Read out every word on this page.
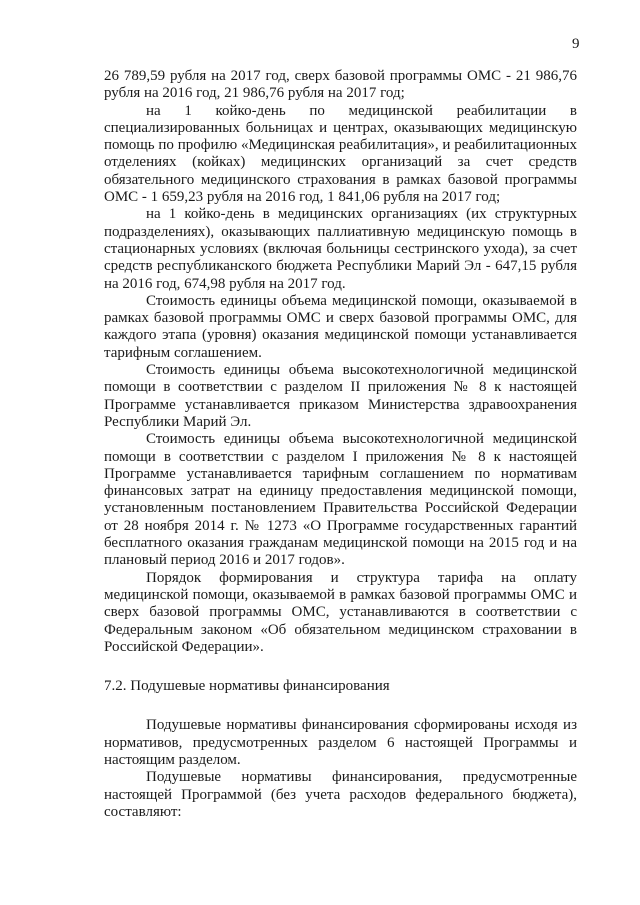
9

26 789,59 рубля на 2017 год, сверх базовой программы ОМС - 21 986,76 рубля на 2016 год, 21 986,76 рубля на 2017 год;

на 1 койко-день по медицинской реабилитации в специализированных больницах и центрах, оказывающих медицинскую помощь по профилю «Медицинская реабилитация», и реабилитационных отделениях (койках) медицинских организаций за счет средств обязательного медицинского страхования в рамках базовой программы ОМС - 1 659,23 рубля на 2016 год, 1 841,06 рубля на 2017 год;

на 1 койко-день в медицинских организациях (их структурных подразделениях), оказывающих паллиативную медицинскую помощь в стационарных условиях (включая больницы сестринского ухода), за счет средств республиканского бюджета Республики Марий Эл - 647,15 рубля на 2016 год, 674,98 рубля на 2017 год.

Стоимость единицы объема медицинской помощи, оказываемой в рамках базовой программы ОМС и сверх базовой программы ОМС, для каждого этапа (уровня) оказания медицинской помощи устанавливается тарифным соглашением.

Стоимость единицы объема высокотехнологичной медицинской помощи в соответствии с разделом II приложения № 8 к настоящей Программе устанавливается приказом Министерства здравоохранения Республики Марий Эл.

Стоимость единицы объема высокотехнологичной медицинской помощи в соответствии с разделом I приложения № 8 к настоящей Программе устанавливается тарифным соглашением по нормативам финансовых затрат на единицу предоставления медицинской помощи, установленным постановлением Правительства Российской Федерации от 28 ноября 2014 г. № 1273 «О Программе государственных гарантий бесплатного оказания гражданам медицинской помощи на 2015 год и на плановый период 2016 и 2017 годов».

Порядок формирования и структура тарифа на оплату медицинской помощи, оказываемой в рамках базовой программы ОМС и сверх базовой программы ОМС, устанавливаются в соответствии с Федеральным законом «Об обязательном медицинском страховании в Российской Федерации».

7.2. Подушевые нормативы финансирования

Подушевые нормативы финансирования сформированы исходя из нормативов, предусмотренных разделом 6 настоящей Программы и настоящим разделом.

Подушевые нормативы финансирования, предусмотренные настоящей Программой (без учета расходов федерального бюджета), составляют:
